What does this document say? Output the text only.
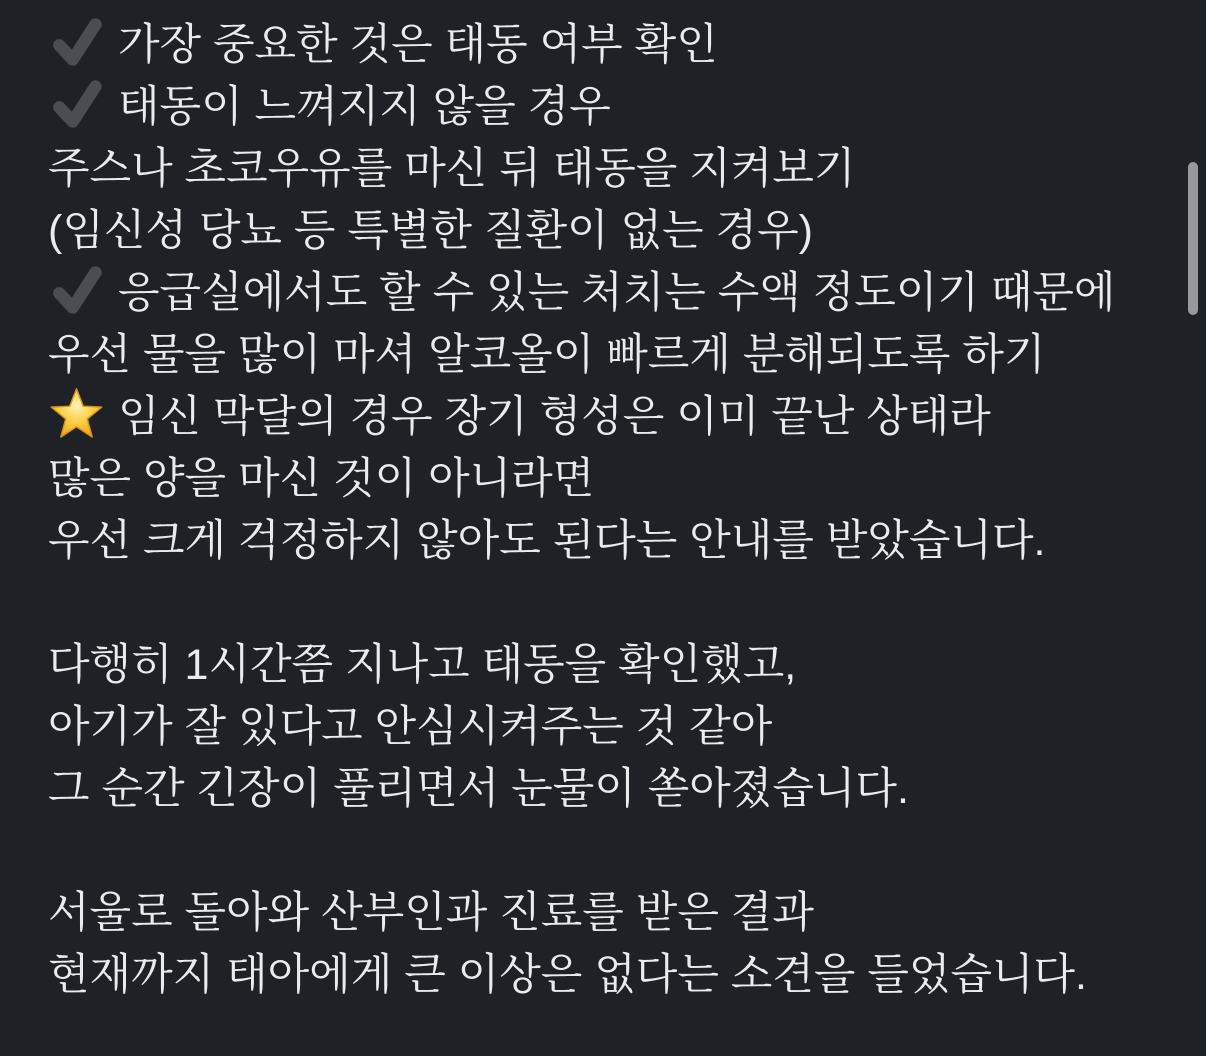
가장 중요한 것은 태동 여부 확인
태동이 느껴지지 않을 경우
주스나 초코우유를 마신 뒤 태동을 지켜보기
(임신성 당뇨 등 특별한 질환이 없는 경우)
응급실에서도 할 수 있는 처치는 수액 정도이기 때문에
우선 물을 많이 마셔 알코올이 빠르게 분해되도록 하기
임신 막달의 경우 장기 형성은 이미 끝난 상태라
많은 양을 마신 것이 아니라면
우선 크게 걱정하지 않아도 된다는 안내를 받았습니다.
다행히 1시간쯤 지나고 태동을 확인했고,
아기가 잘 있다고 안심시켜주는 것 같아
그 순간 긴장이 풀리면서 눈물이 쏟아졌습니다.
서울로 돌아와 산부인과 진료를 받은 결과
현재까지 태아에게 큰 이상은 없다는 소견을 들었습니다.
